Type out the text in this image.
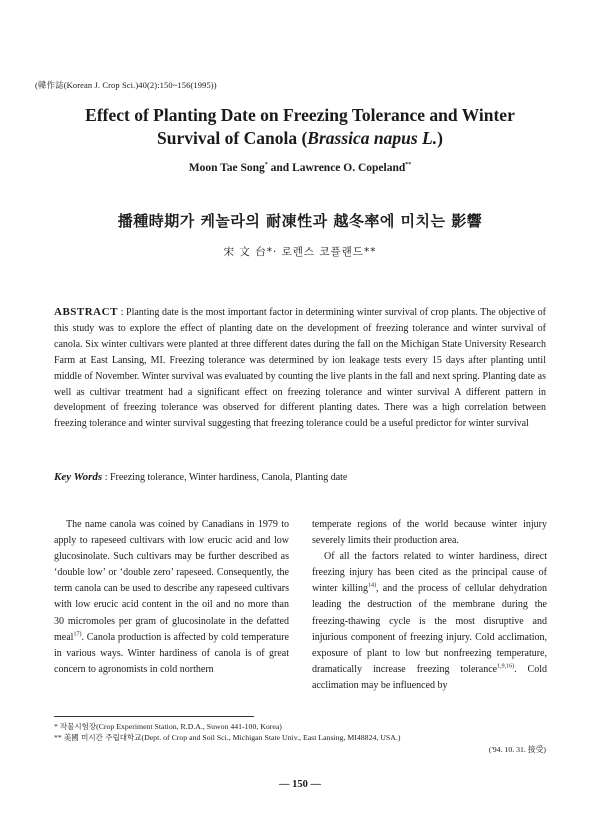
(韓作誌(Korean J. Crop Sci.)40(2):150~156(1995))
Effect of Planting Date on Freezing Tolerance and Winter
Survival of Canola (Brassica napus L.)
Moon Tae Song* and Lawrence O. Copeland**
播種時期가 케놀라의 耐凍性과 越冬率에 미치는 影響
宋 文 台*· 로렌스 코플랜드**
ABSTRACT : Planting date is the most important factor in determining winter survival of crop plants. The objective of this study was to explore the effect of planting date on the development of freezing tolerance and winter survival of canola. Six winter cultivars were planted at three different dates during the fall on the Michigan State University Research Farm at East Lansing, MI. Freezing tolerance was determined by ion leakage tests every 15 days after planting until middle of November. Winter survival was evaluated by counting the live plants in the fall and next spring. Planting date as well as cultivar treatment had a significant effect on freezing tolerance and winter survival A different pattern in development of freezing tolerance was observed for different planting dates. There was a high correlation between freezing tolerance and winter survival suggesting that freezing tolerance could be a useful predictor for winter survival
Key Words : Freezing tolerance, Winter hardiness, Canola, Planting date

The name canola was coined by Canadians in 1979 to apply to rapeseed cultivars with low erucic acid and low glucosinolate. Such cultivars may be further described as ‘double low’ or ‘double zero’ rapeseed. Consequently, the term canola can be used to describe any rapeseed cultivars with low erucic acid content in the oil and no more than 30 micromoles per gram of glucosinolate in the defatted meal$^{17)}$. Canola production is affected by cold temperature in various ways. Winter hardiness of canola is of great concern to agronomists in cold northern

temperate regions of the world because winter injury severely limits their production area.

Of all the factors related to winter hardiness, direct freezing injury has been cited as the principal cause of winter killing$^{14)}$, and the process of cellular dehydration leading the destruction of the membrane during the freezing-thawing cycle is the most disruptive and injurious component of freezing injury. Cold acclimation, exposure of plant to low but nonfreezing temperature, dramatically increase freezing tolerance$^{1,9,16)}$. Cold acclimation may be influenced by

* 작물시험장(Crop Experiment Station, R.D.A., Suwon 441-100, Korea)
** 美國 미시간 주립대학교(Dept. of Crop and Soil Sci., Michigan State Univ., East Lansing, MI48824, USA.)
('94. 10. 31. 接受)
— 150 —
